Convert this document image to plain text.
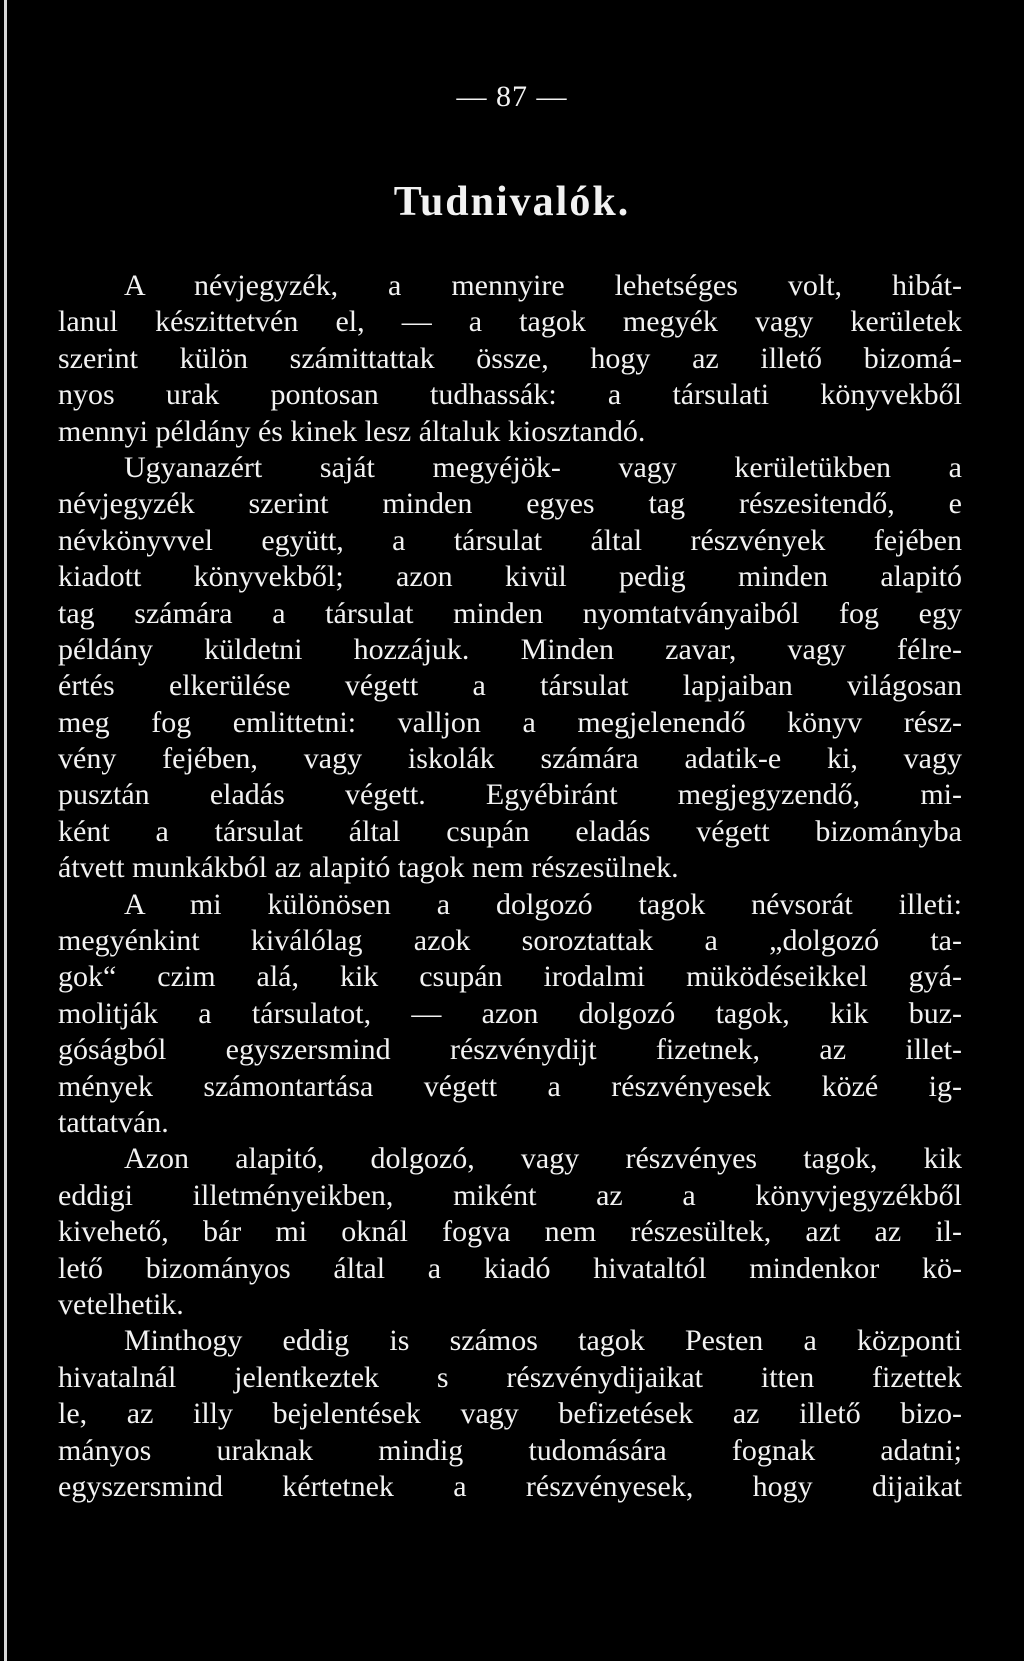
— 87 —
Tudnivalók.
A névjegyzék, a mennyire lehetséges volt, hibát-
lanul készittetvén el, — a tagok megyék vagy kerületek
szerint külön számittattak össze, hogy az illető bizomá-
nyos urak pontosan tudhassák: a társulati könyvekből
mennyi példány és kinek lesz általuk kiosztandó.
Ugyanazért saját megyéjök- vagy kerületükben a
névjegyzék szerint minden egyes tag részesitendő, e
névkönyvvel együtt, a társulat által részvények fejében
kiadott könyvekből; azon kivül pedig minden alapitó
tag számára a társulat minden nyomtatványaiból fog egy
példány küldetni hozzájuk. Minden zavar, vagy félre-
értés elkerülése végett a társulat lapjaiban világosan
meg fog emlittetni: valljon a megjelenendő könyv rész-
vény fejében, vagy iskolák számára adatik-e ki, vagy
pusztán eladás végett. Egyébiránt megjegyzendő, mi-
ként a társulat által csupán eladás végett bizományba
átvett munkákból az alapitó tagok nem részesülnek.
A mi különösen a dolgozó tagok névsorát illeti:
megyénkint kiválólag azok soroztattak a „dolgozó ta-
gok“ czim alá, kik csupán irodalmi müködéseikkel gyá-
molitják a társulatot, — azon dolgozó tagok, kik buz-
góságból egyszersmind részvénydijt fizetnek, az illet-
mények számontartása végett a részvényesek közé ig-
tattatván.
Azon alapitó, dolgozó, vagy részvényes tagok, kik
eddigi illetményeikben, miként az a könyvjegyzékből
kivehető, bár mi oknál fogva nem részesültek, azt az il-
lető bizományos által a kiadó hivataltól mindenkor kö-
vetelhetik.
Minthogy eddig is számos tagok Pesten a központi
hivatalnál jelentkeztek s részvénydijaikat itten fizettek
le, az illy bejelentések vagy befizetések az illető bizo-
mányos uraknak mindig tudomására fognak adatni;
egyszersmind kértetnek a részvényesek, hogy dijaikat
